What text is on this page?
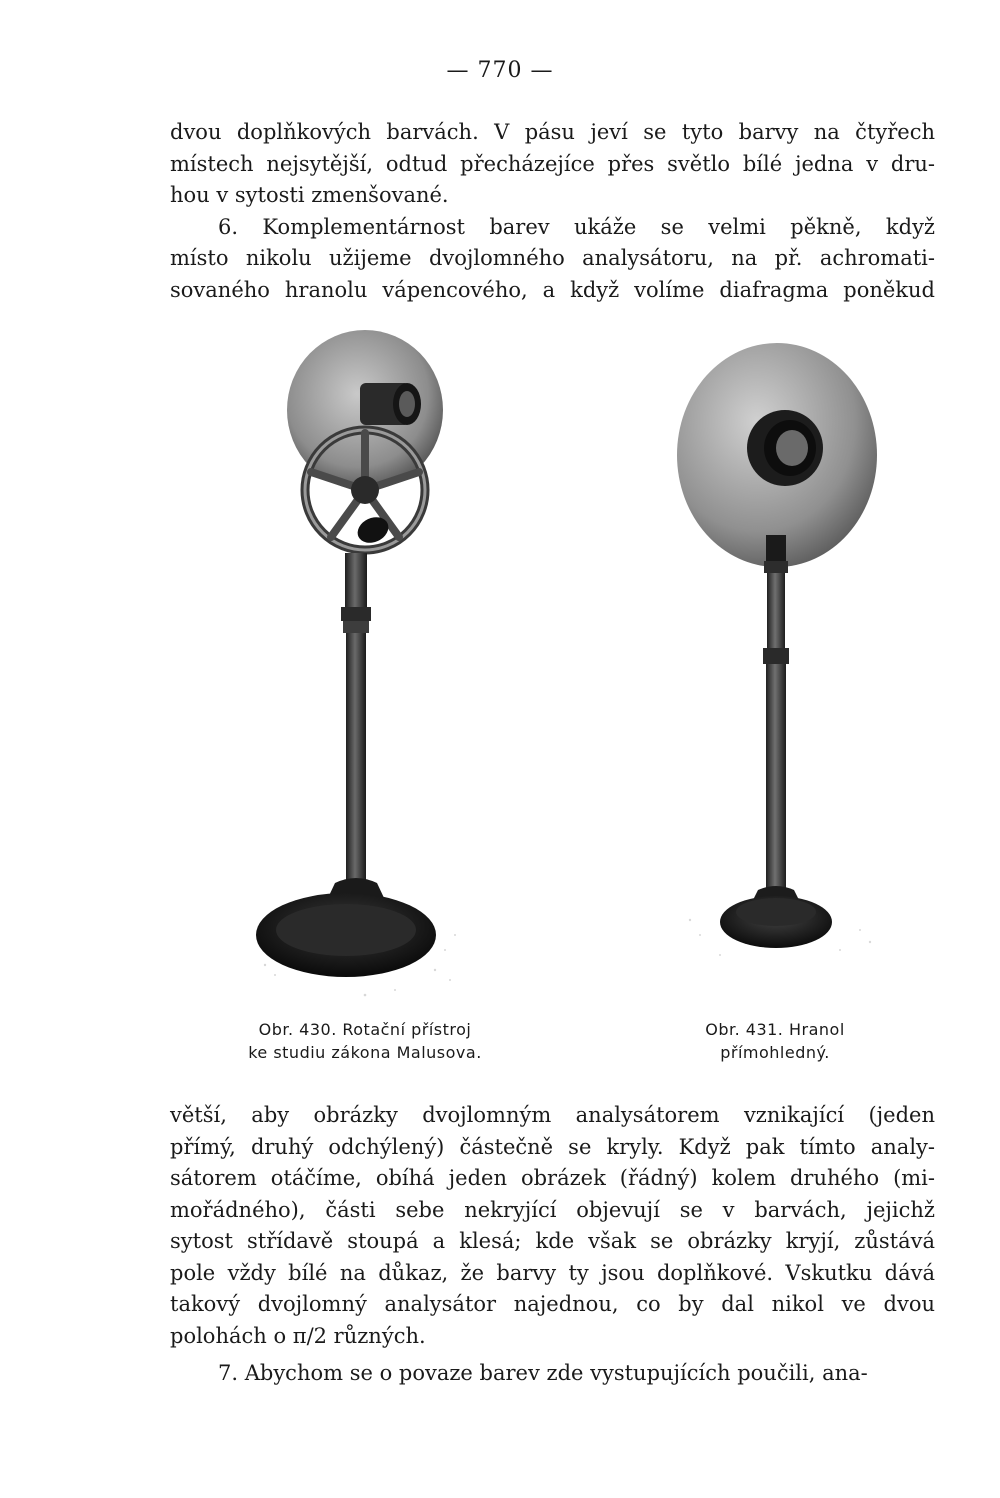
— 770 —
dvou doplňkových barvách. V pásu jeví se tyto barvy na čtyřech
místech nejsytější, odtud přecházejíce přes světlo bílé jedna v dru-
hou v sytosti zmenšované.
6. Komplementárnost barev ukáže se velmi pěkně, když
místo nikolu užijeme dvojlomného analysátoru, na př. achromati-
sovaného hranolu vápencového, a když volíme diafragma poněkud
Obr. 430. Rotační přístroj
ke studiu zákona Malusova.
Obr. 431. Hranol
přímohledný.
větší, aby obrázky dvojlomným analysátorem vznikající (jeden
přímý, druhý odchýlený) částečně se kryly. Když pak tímto analy-
sátorem otáčíme, obíhá jeden obrázek (řádný) kolem druhého (mi-
mořádného), části sebe nekryjící objevují se v barvách, jejichž
sytost střídavě stoupá a klesá; kde však se obrázky kryjí, zůstává
pole vždy bílé na důkaz, že barvy ty jsou doplňkové. Vskutku dává
takový dvojlomný analysátor najednou, co by dal nikol ve dvou
polohách o π/2 různých.
7. Abychom se o povaze barev zde vystupujících poučili, ana-
